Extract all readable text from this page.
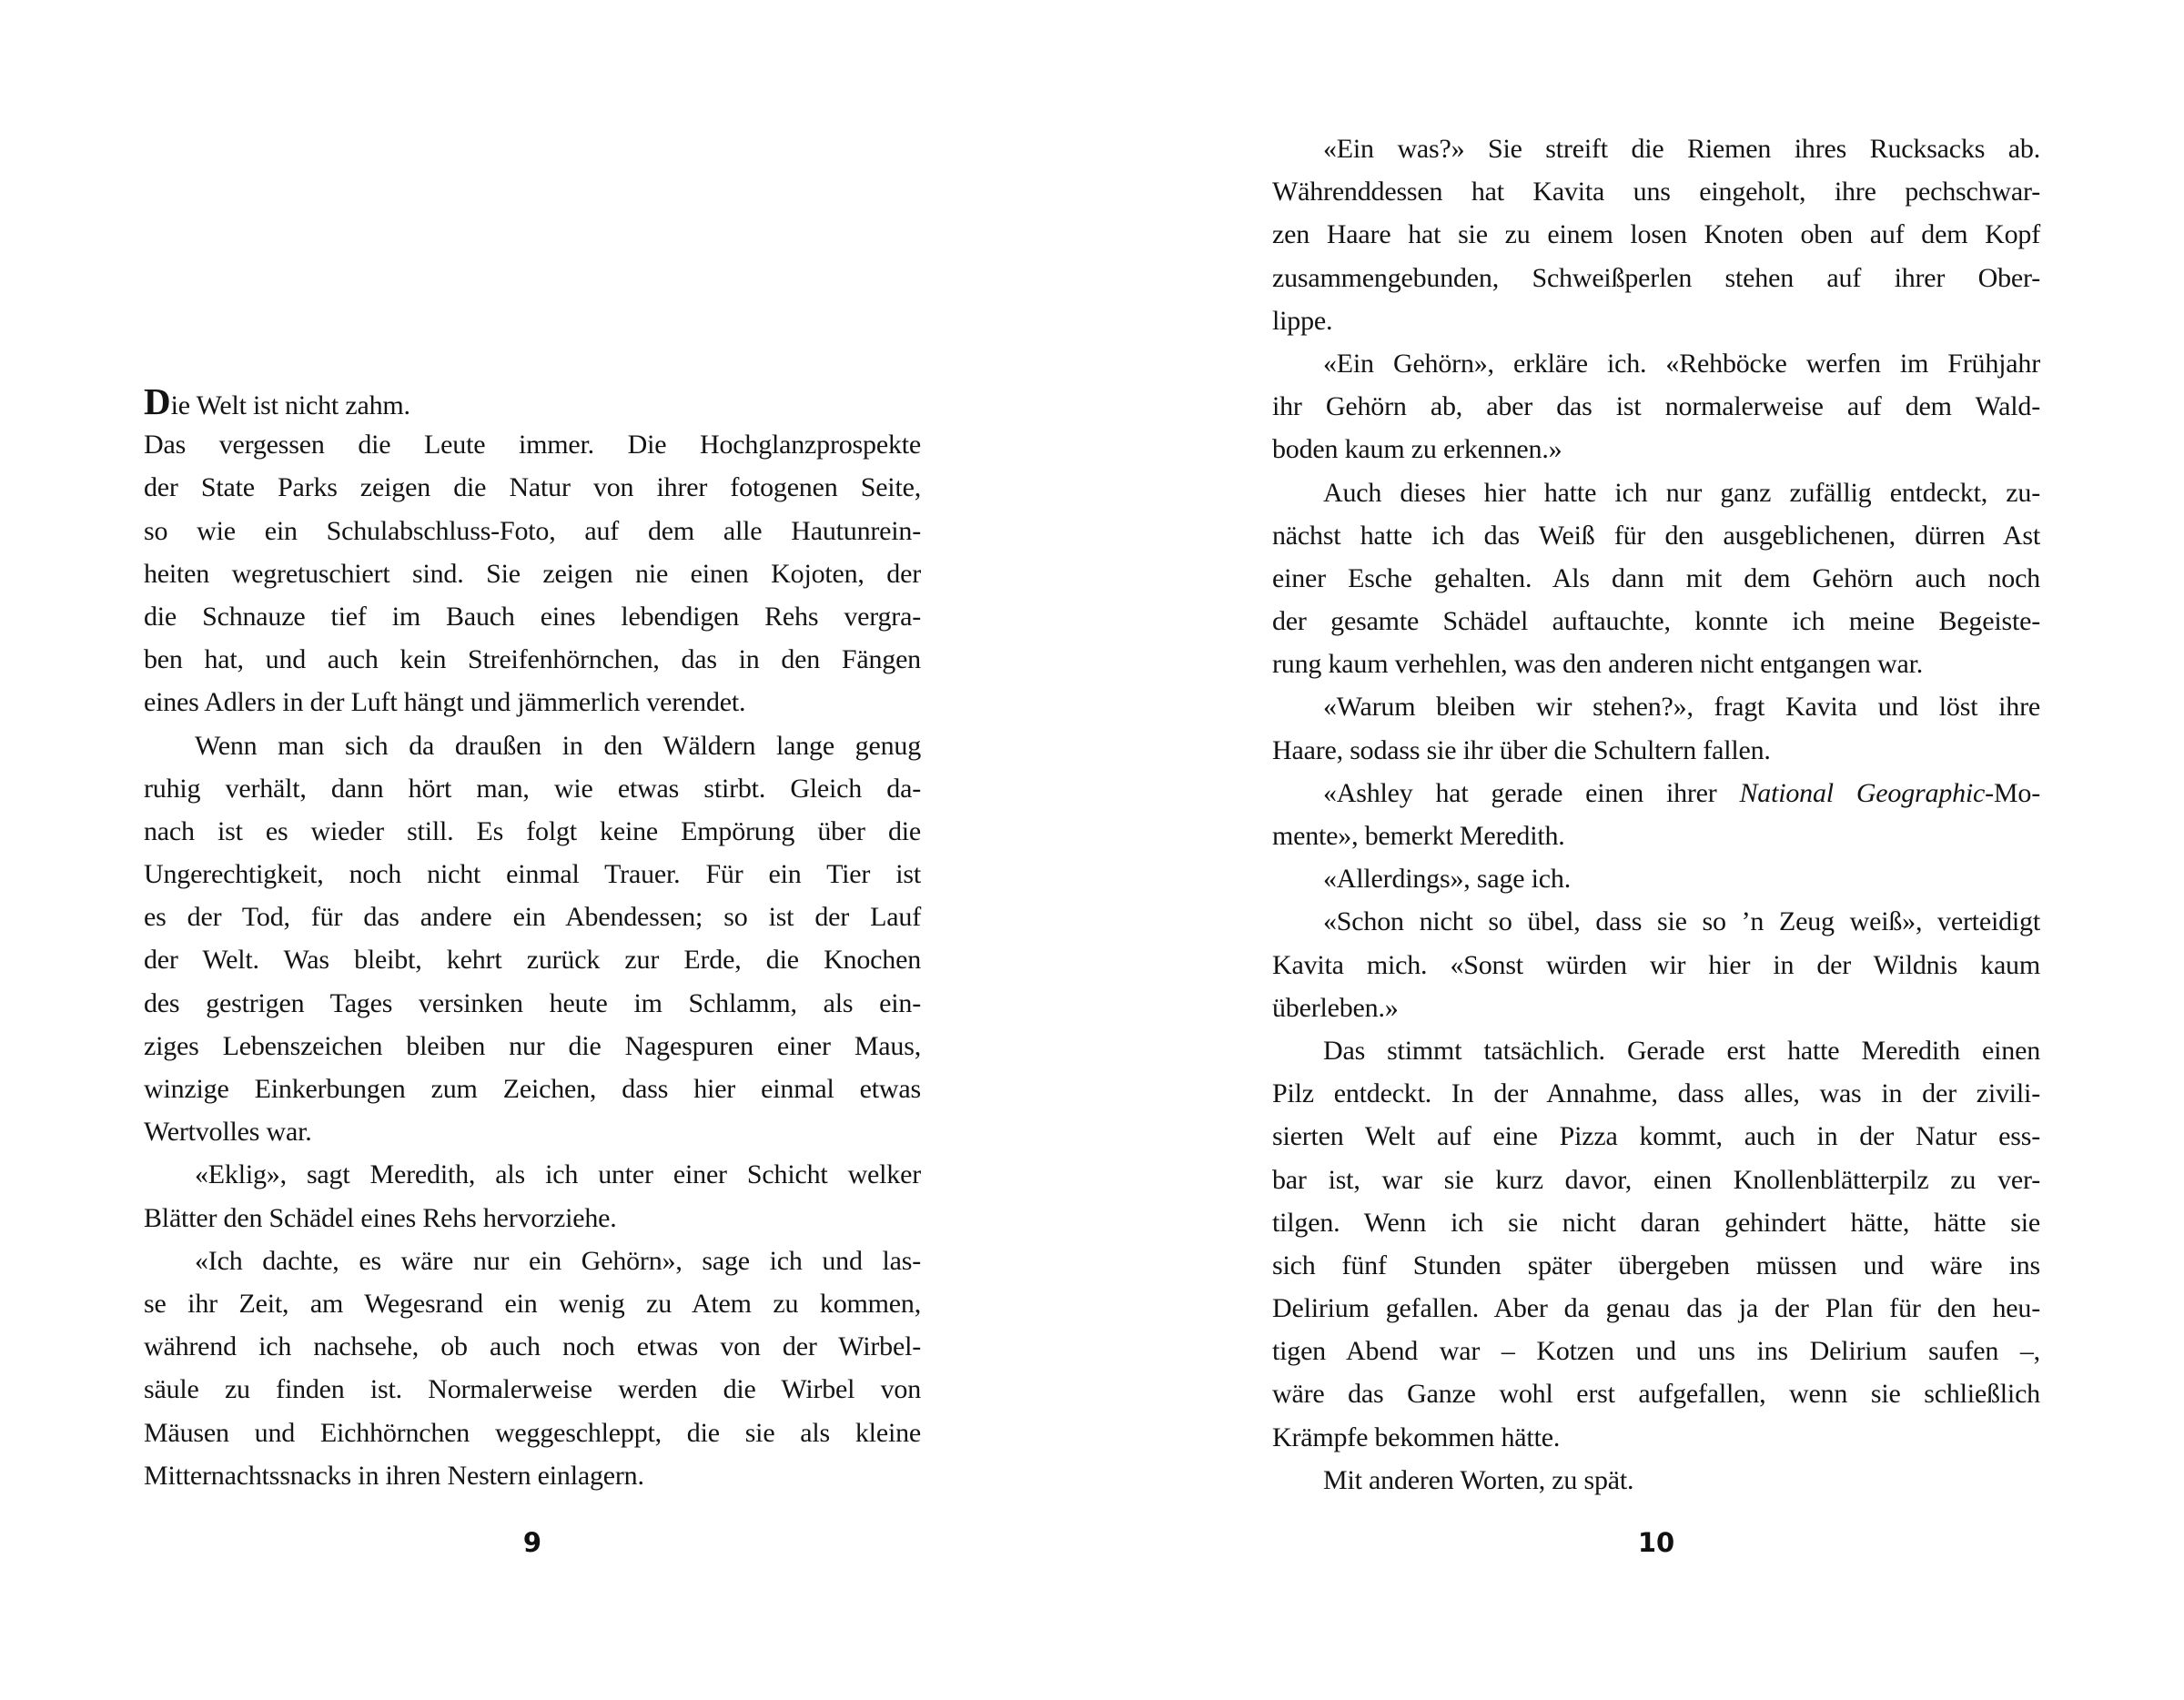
Die Welt ist nicht zahm.
Das vergessen die Leute immer. Die Hochglanzprospekte
der State Parks zeigen die Natur von ihrer fotogenen Seite,
so wie ein Schulabschluss-Foto, auf dem alle Hautunrein-
heiten wegretuschiert sind. Sie zeigen nie einen Kojoten, der
die Schnauze tief im Bauch eines lebendigen Rehs vergra-
ben hat, und auch kein Streifenhörnchen, das in den Fängen
eines Adlers in der Luft hängt und jämmerlich verendet.
Wenn man sich da draußen in den Wäldern lange genug
ruhig verhält, dann hört man, wie etwas stirbt. Gleich da-
nach ist es wieder still. Es folgt keine Empörung über die
Ungerechtigkeit, noch nicht einmal Trauer. Für ein Tier ist
es der Tod, für das andere ein Abendessen; so ist der Lauf
der Welt. Was bleibt, kehrt zurück zur Erde, die Knochen
des gestrigen Tages versinken heute im Schlamm, als ein-
ziges Lebenszeichen bleiben nur die Nagespuren einer Maus,
winzige Einkerbungen zum Zeichen, dass hier einmal etwas
Wertvolles war.
«Eklig», sagt Meredith, als ich unter einer Schicht welker
Blätter den Schädel eines Rehs hervorziehe.
«Ich dachte, es wäre nur ein Gehörn», sage ich und las-
se ihr Zeit, am Wegesrand ein wenig zu Atem zu kommen,
während ich nachsehe, ob auch noch etwas von der Wirbel-
säule zu finden ist. Normalerweise werden die Wirbel von
Mäusen und Eichhörnchen weggeschleppt, die sie als kleine
Mitternachtssnacks in ihren Nestern einlagern.
«Ein was?» Sie streift die Riemen ihres Rucksacks ab.
Währenddessen hat Kavita uns eingeholt, ihre pechschwar-
zen Haare hat sie zu einem losen Knoten oben auf dem Kopf
zusammengebunden, Schweißperlen stehen auf ihrer Ober-
lippe.
«Ein Gehörn», erkläre ich. «Rehböcke werfen im Frühjahr
ihr Gehörn ab, aber das ist normalerweise auf dem Wald-
boden kaum zu erkennen.»
Auch dieses hier hatte ich nur ganz zufällig entdeckt, zu-
nächst hatte ich das Weiß für den ausgeblichenen, dürren Ast
einer Esche gehalten. Als dann mit dem Gehörn auch noch
der gesamte Schädel auftauchte, konnte ich meine Begeiste-
rung kaum verhehlen, was den anderen nicht entgangen war.
«Warum bleiben wir stehen?», fragt Kavita und löst ihre
Haare, sodass sie ihr über die Schultern fallen.
«Ashley hat gerade einen ihrer National Geographic-Mo-
mente», bemerkt Meredith.
«Allerdings», sage ich.
«Schon nicht so übel, dass sie so ’n Zeug weiß», verteidigt
Kavita mich. «Sonst würden wir hier in der Wildnis kaum
überleben.»
Das stimmt tatsächlich. Gerade erst hatte Meredith einen
Pilz entdeckt. In der Annahme, dass alles, was in der zivili-
sierten Welt auf eine Pizza kommt, auch in der Natur ess-
bar ist, war sie kurz davor, einen Knollenblätterpilz zu ver-
tilgen. Wenn ich sie nicht daran gehindert hätte, hätte sie
sich fünf Stunden später übergeben müssen und wäre ins
Delirium gefallen. Aber da genau das ja der Plan für den heu-
tigen Abend war – Kotzen und uns ins Delirium saufen –,
wäre das Ganze wohl erst aufgefallen, wenn sie schließlich
Krämpfe bekommen hätte.
Mit anderen Worten, zu spät.
9	10
